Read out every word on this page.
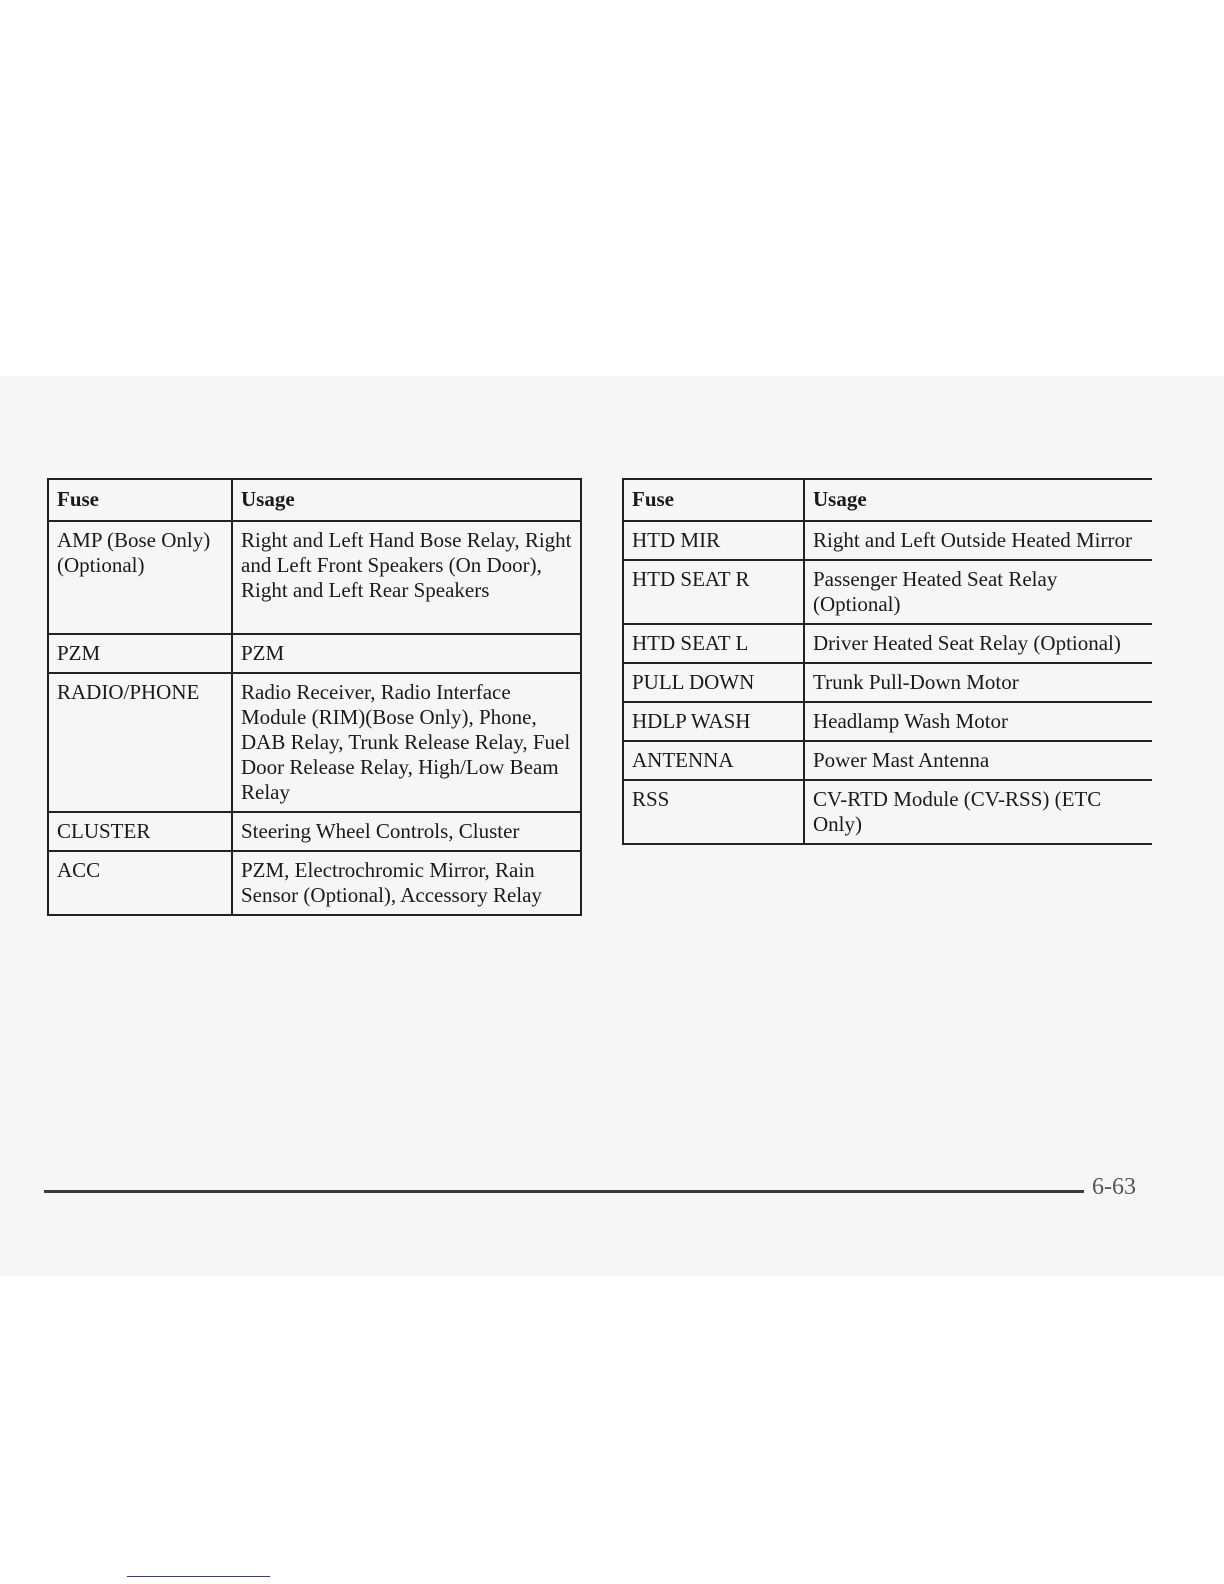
Fuse	Usage
AMP (Bose Only)(Optional)	Right and Left Hand Bose Relay, Right and Left Front Speakers (On Door), Right and Left Rear Speakers
PZM	PZM
RADIO/PHONE	Radio Receiver, Radio Interface Module (RIM)(Bose Only), Phone, DAB Relay, Trunk Release Relay, Fuel Door Release Relay, High/Low Beam Relay
CLUSTER	Steering Wheel Controls, Cluster
ACC	PZM, Electrochromic Mirror, Rain Sensor (Optional), Accessory Relay
Fuse	Usage
HTD MIR	Right and Left Outside Heated Mirror
HTD SEAT R	Passenger Heated Seat Relay (Optional)
HTD SEAT L	Driver Heated Seat Relay (Optional)
PULL DOWN	Trunk Pull-Down Motor
HDLP WASH	Headlamp Wash Motor
ANTENNA	Power Mast Antenna
RSS	CV-RTD Module (CV-RSS) (ETC Only)
6-63
